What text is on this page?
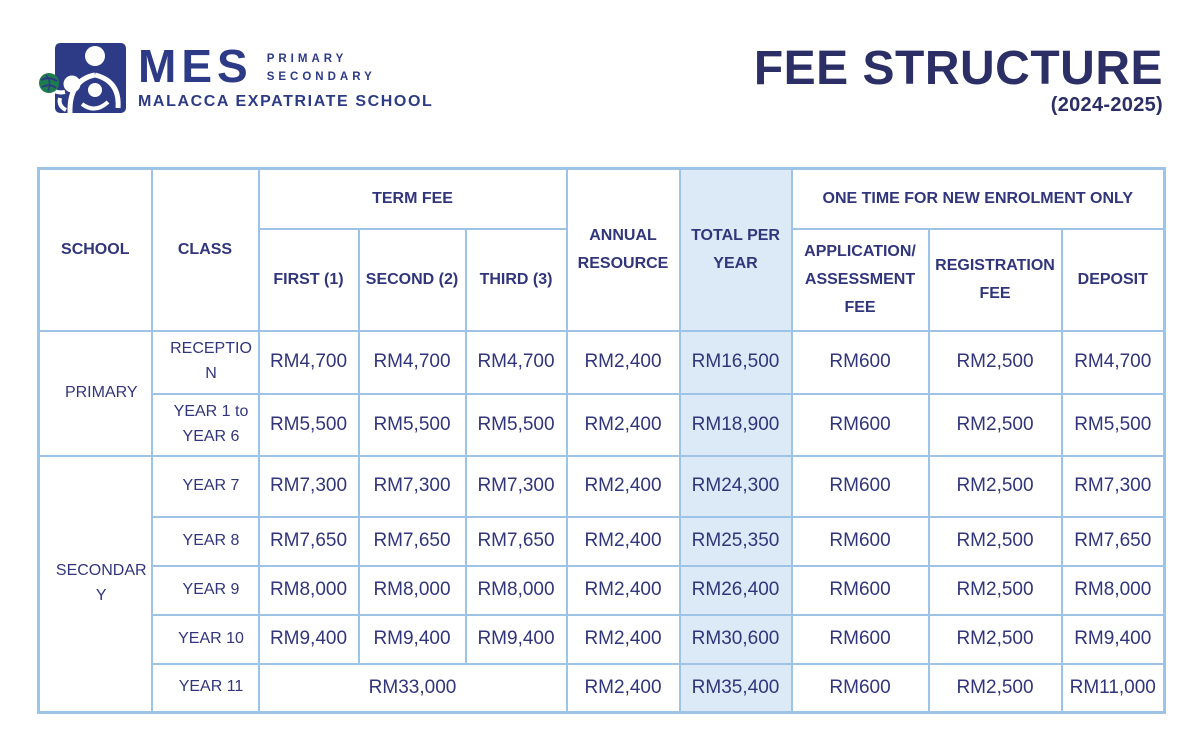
MES PRIMARY
SECONDARY
MALACCA EXPATRIATE SCHOOL
FEE STRUCTURE
(2024-2025)
SCHOOL	CLASS	TERM FEE			ANNUAL RESOURCE	TOTAL PER YEAR	ONE TIME FOR NEW ENROLMENT ONLY		
		FIRST (1)	SECOND (2)	THIRD (3)			APPLICATION/ ASSESSMENT FEE	REGISTRATION FEE	DEPOSIT
PRIMARY	RECEPTION	RM4,700	RM4,700	RM4,700	RM2,400	RM16,500	RM600	RM2,500	RM4,700
	YEAR 1 to YEAR 6	RM5,500	RM5,500	RM5,500	RM2,400	RM18,900	RM600	RM2,500	RM5,500
SECONDARY	YEAR 7	RM7,300	RM7,300	RM7,300	RM2,400	RM24,300	RM600	RM2,500	RM7,300
	YEAR 8	RM7,650	RM7,650	RM7,650	RM2,400	RM25,350	RM600	RM2,500	RM7,650
	YEAR 9	RM8,000	RM8,000	RM8,000	RM2,400	RM26,400	RM600	RM2,500	RM8,000
	YEAR 10	RM9,400	RM9,400	RM9,400	RM2,400	RM30,600	RM600	RM2,500	RM9,400
	YEAR 11	RM33,000			RM2,400	RM35,400	RM600	RM2,500	RM11,000
